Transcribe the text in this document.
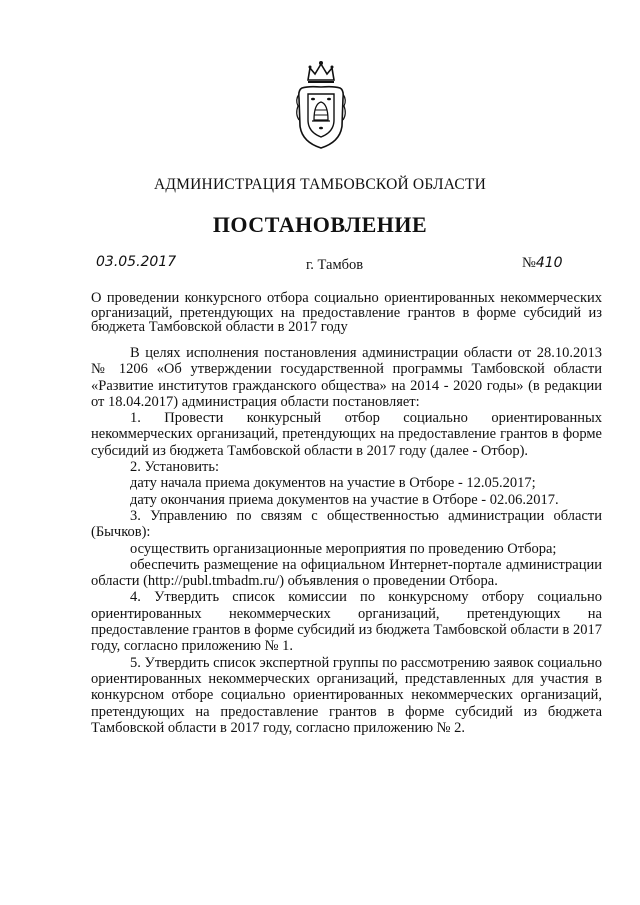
АДМИНИСТРАЦИЯ ТАМБОВСКОЙ ОБЛАСТИ
ПОСТАНОВЛЕНИЕ
03.05.2017	г. Тамбов	№410
О проведении конкурсного отбора социально ориентированных некоммерческих организаций, претендующих на предоставление грантов в форме субсидий из бюджета Тамбовской области в 2017 году

В целях исполнения постановления администрации области от 28.10.2013 № 1206 «Об утверждении государственной программы Тамбовской области «Развитие институтов гражданского общества» на 2014 - 2020 годы» (в редакции от 18.04.2017) администрация области постановляет:

1. Провести конкурсный отбор социально ориентированных некоммерческих организаций, претендующих на предоставление грантов в форме субсидий из бюджета Тамбовской области в 2017 году (далее - Отбор).

2. Установить:

дату начала приема документов на участие в Отборе - 12.05.2017;

дату окончания приема документов на участие в Отборе - 02.06.2017.

3. Управлению по связям с общественностью администрации области (Бычков):

осуществить организационные мероприятия по проведению Отбора;

обеспечить размещение на официальном Интернет-портале администрации области (http://publ.tmbadm.ru/) объявления о проведении Отбора.

4. Утвердить список комиссии по конкурсному отбору социально ориентированных некоммерческих организаций, претендующих на предоставление грантов в форме субсидий из бюджета Тамбовской области в 2017 году, согласно приложению № 1.

5. Утвердить список экспертной группы по рассмотрению заявок социально ориентированных некоммерческих организаций, представленных для участия в конкурсном отборе социально ориентированных некоммерческих организаций, претендующих на предоставление грантов в форме субсидий из бюджета Тамбовской области в 2017 году, согласно приложению № 2.
